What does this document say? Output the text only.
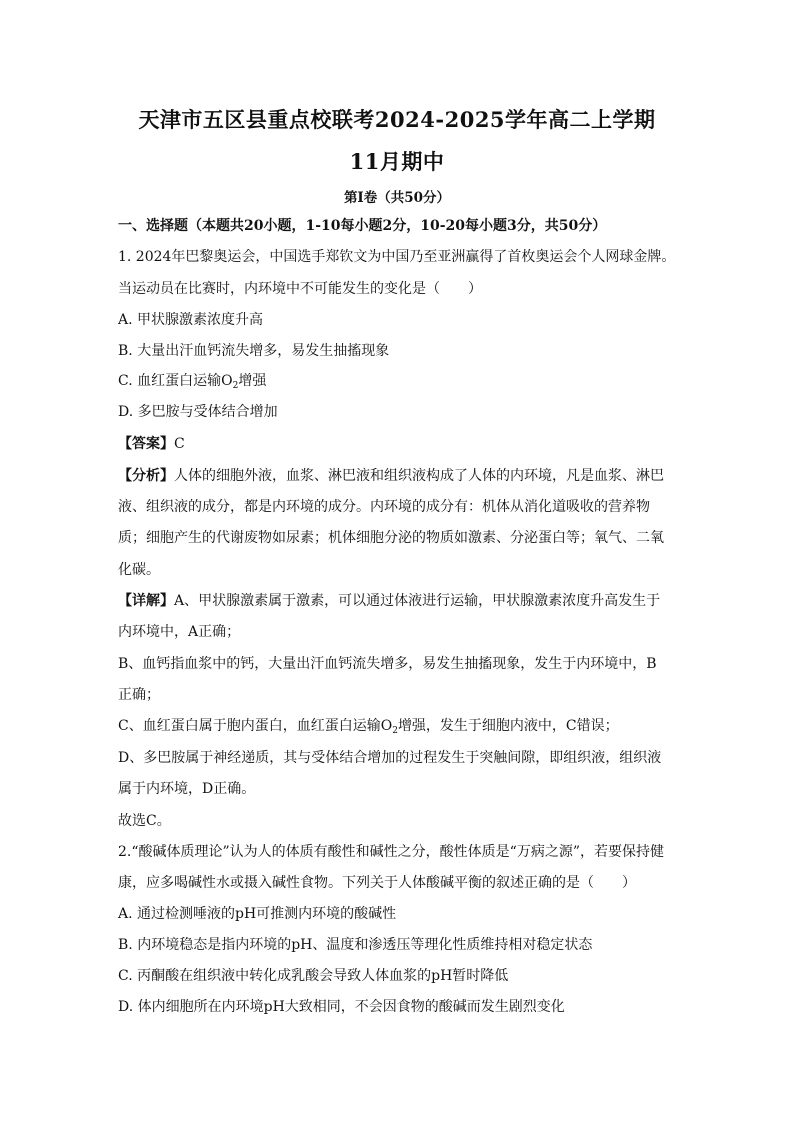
天津市五区县重点校联考2024-2025学年高二上学期
11月期中
第Ⅰ卷（共50分）
一、选择题（本题共20小题，1-10每小题2分，10-20每小题3分，共50分）
1. 2024年巴黎奥运会，中国选手郑钦文为中国乃至亚洲赢得了首枚奥运会个人网球金牌。
当运动员在比赛时，内环境中不可能发生的变化是（　　）
A. 甲状腺激素浓度升高
B. 大量出汗血钙流失增多，易发生抽搐现象
C. 血红蛋白运输$O_2$增强
D. 多巴胺与受体结合增加
【答案】C
【分析】人体的细胞外液，血浆、淋巴液和组织液构成了人体的内环境，凡是血浆、淋巴
液、组织液的成分，都是内环境的成分。内环境的成分有：机体从消化道吸收的营养物
质；细胞产生的代谢废物如尿素；机体细胞分泌的物质如激素、分泌蛋白等；氧气、二氧
化碳。
【详解】A、甲状腺激素属于激素，可以通过体液进行运输，甲状腺激素浓度升高发生于
内环境中，A正确；
B、血钙指血浆中的钙，大量出汗血钙流失增多，易发生抽搐现象，发生于内环境中，B
正确；
C、血红蛋白属于胞内蛋白，血红蛋白运输$O_2$增强，发生于细胞内液中，C错误；
D、多巴胺属于神经递质，其与受体结合增加的过程发生于突触间隙，即组织液，组织液
属于内环境，D正确。
故选C。
2.“酸碱体质理论”认为人的体质有酸性和碱性之分，酸性体质是“万病之源”，若要保持健
康，应多喝碱性水或摄入碱性食物。下列关于人体酸碱平衡的叙述正确的是（　　）
A. 通过检测唾液的pH可推测内环境的酸碱性
B. 内环境稳态是指内环境的pH、温度和渗透压等理化性质维持相对稳定状态
C. 丙酮酸在组织液中转化成乳酸会导致人体血浆的pH暂时降低
D. 体内细胞所在内环境pH大致相同，不会因食物的酸碱而发生剧烈变化
